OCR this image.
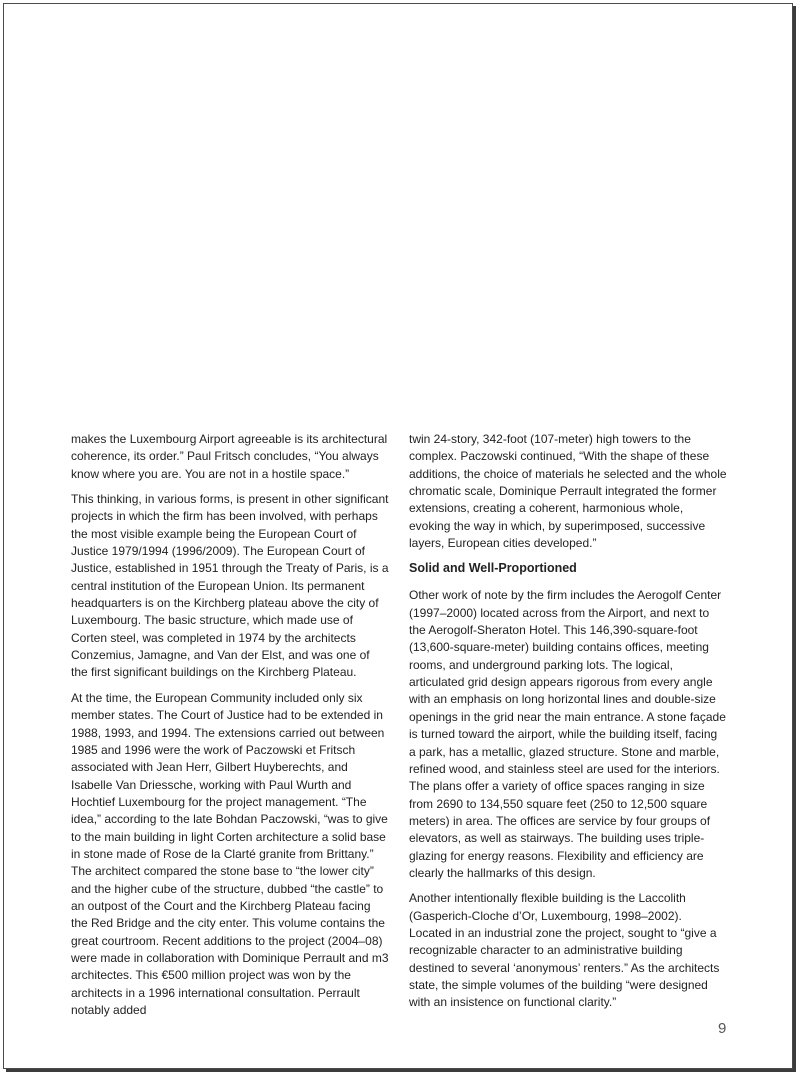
makes the Luxembourg Airport agreeable is its architectural coherence, its order.” Paul Fritsch concludes, “You always know where you are. You are not in a hostile space.”

This thinking, in various forms, is present in other significant projects in which the firm has been involved, with perhaps the most visible example being the European Court of Justice 1979/1994 (1996/2009). The European Court of Justice, established in 1951 through the Treaty of Paris, is a central institution of the European Union. Its permanent headquarters is on the Kirchberg plateau above the city of Luxembourg. The basic structure, which made use of Corten steel, was completed in 1974 by the architects Conzemius, Jamagne, and Van der Elst, and was one of the first significant buildings on the Kirchberg Plateau.

At the time, the European Community included only six member states. The Court of Justice had to be extended in 1988, 1993, and 1994. The extensions carried out between 1985 and 1996 were the work of Paczowski et Fritsch associated with Jean Herr, Gilbert Huyberechts, and Isabelle Van Driessche, working with Paul Wurth and Hochtief Luxembourg for the project management. “The idea,” according to the late Bohdan Paczowski, “was to give to the main building in light Corten architecture a solid base in stone made of Rose de la Clarté granite from Brittany.” The architect compared the stone base to “the lower city” and the higher cube of the structure, dubbed “the castle” to an outpost of the Court and the Kirchberg Plateau facing the Red Bridge and the city enter. This volume contains the great courtroom. Recent additions to the project (2004–08) were made in collaboration with Dominique Perrault and m3 architectes. This €500 million project was won by the architects in a 1996 international consultation. Perrault notably added

twin 24-story, 342-foot (107-meter) high towers to the complex. Paczowski continued, “With the shape of these additions, the choice of materials he selected and the whole chromatic scale, Dominique Perrault integrated the former extensions, creating a coherent, harmonious whole, evoking the way in which, by superimposed, successive layers, European cities developed.”

Solid and Well-Proportioned

Other work of note by the firm includes the Aerogolf Center (1997–2000) located across from the Airport, and next to the Aerogolf-Sheraton Hotel. This 146,390-square-foot (13,600-square-meter) building contains offices, meeting rooms, and underground parking lots. The logical, articulated grid design appears rigorous from every angle with an emphasis on long horizontal lines and double-size openings in the grid near the main entrance. A stone façade is turned toward the airport, while the building itself, facing a park, has a metallic, glazed structure. Stone and marble, refined wood, and stainless steel are used for the interiors. The plans offer a variety of office spaces ranging in size from 2690 to 134,550 square feet (250 to 12,500 square meters) in area. The offices are service by four groups of elevators, as well as stairways. The building uses triple-glazing for energy reasons. Flexibility and efficiency are clearly the hallmarks of this design.

Another intentionally flexible building is the Laccolith (Gasperich-Cloche d’Or, Luxembourg, 1998–2002). Located in an industrial zone the project, sought to “give a recognizable character to an administrative building destined to several ‘anonymous’ renters.” As the architects state, the simple volumes of the building “were designed with an insistence on functional clarity.”

9
